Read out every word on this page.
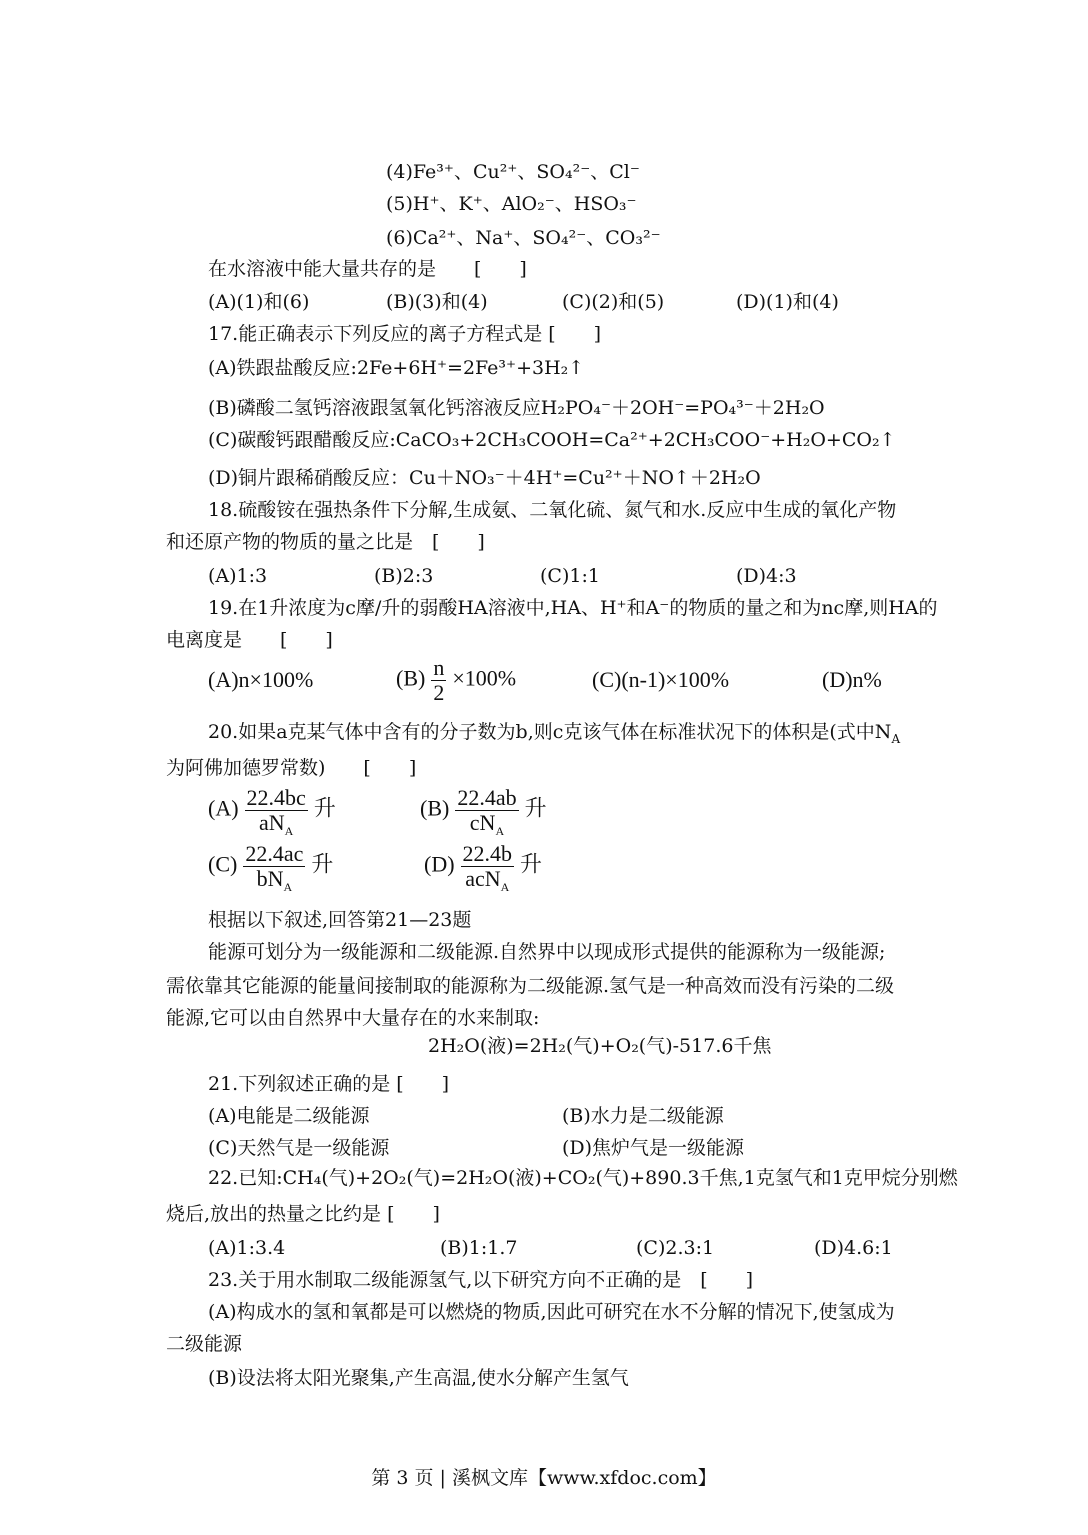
(4)Fe³⁺、Cu²⁺、SO₄²⁻、Cl⁻
(5)H⁺、K⁺、AlO₂⁻、HSO₃⁻
(6)Ca²⁺、Na⁺、SO₄²⁻、CO₃²⁻
在水溶液中能大量共存的是　　[　　]
(A)(1)和(6)	(B)(3)和(4)	(C)(2)和(5)	(D)(1)和(4)
17.能正确表示下列反应的离子方程式是 [　　]
(A)铁跟盐酸反应:2Fe+6H⁺=2Fe³⁺+3H₂↑
(B)磷酸二氢钙溶液跟氢氧化钙溶液反应H₂PO₄⁻＋2OH⁻=PO₄³⁻＋2H₂O
(C)碳酸钙跟醋酸反应:CaCO₃+2CH₃COOH=Ca²⁺+2CH₃COO⁻+H₂O+CO₂↑
(D)铜片跟稀硝酸反应：Cu＋NO₃⁻＋4H⁺=Cu²⁺＋NO↑＋2H₂O
18.硫酸铵在强热条件下分解,生成氨、二氧化硫、氮气和水.反应中生成的氧化产物
和还原产物的物质的量之比是　[　　]
(A)1:3	(B)2:3	(C)1:1	(D)4:3
19.在1升浓度为c摩/升的弱酸HA溶液中,HA、H⁺和A⁻的物质的量之和为nc摩,则HA的
电离度是　　[　　]
(A)n×100%	$(B) \frac{n}{2} \times 100\%$	(C)(n-1)×100%	(D)n%
20.如果a克某气体中含有的分子数为b,则c克该气体在标准状况下的体积是(式中$N_A$
为阿佛加德罗常数)　　[　　]
$(A) \frac{22.4bc}{aN_A}$ 升	$(B) \frac{22.4ab}{cN_A}$ 升
$(C) \frac{22.4ac}{bN_A}$ 升	$(D) \frac{22.4b}{acN_A}$ 升
根据以下叙述,回答第21—23题
能源可划分为一级能源和二级能源.自然界中以现成形式提供的能源称为一级能源;
需依靠其它能源的能量间接制取的能源称为二级能源.氢气是一种高效而没有污染的二级
能源,它可以由自然界中大量存在的水来制取:
2H₂O(液)=2H₂(气)+O₂(气)-517.6千焦
21.下列叙述正确的是 [　　]
(A)电能是二级能源	(B)水力是二级能源
(C)天然气是一级能源	(D)焦炉气是一级能源
22.已知:CH₄(气)+2O₂(气)=2H₂O(液)+CO₂(气)+890.3千焦,1克氢气和1克甲烷分别燃
烧后,放出的热量之比约是 [　　]
(A)1:3.4	(B)1:1.7	(C)2.3:1	(D)4.6:1
23.关于用水制取二级能源氢气,以下研究方向不正确的是　[　　]
(A)构成水的氢和氧都是可以燃烧的物质,因此可研究在水不分解的情况下,使氢成为
二级能源
(B)设法将太阳光聚集,产生高温,使水分解产生氢气
第 3 页 | 溪枫文库【www.xfdoc.com】
